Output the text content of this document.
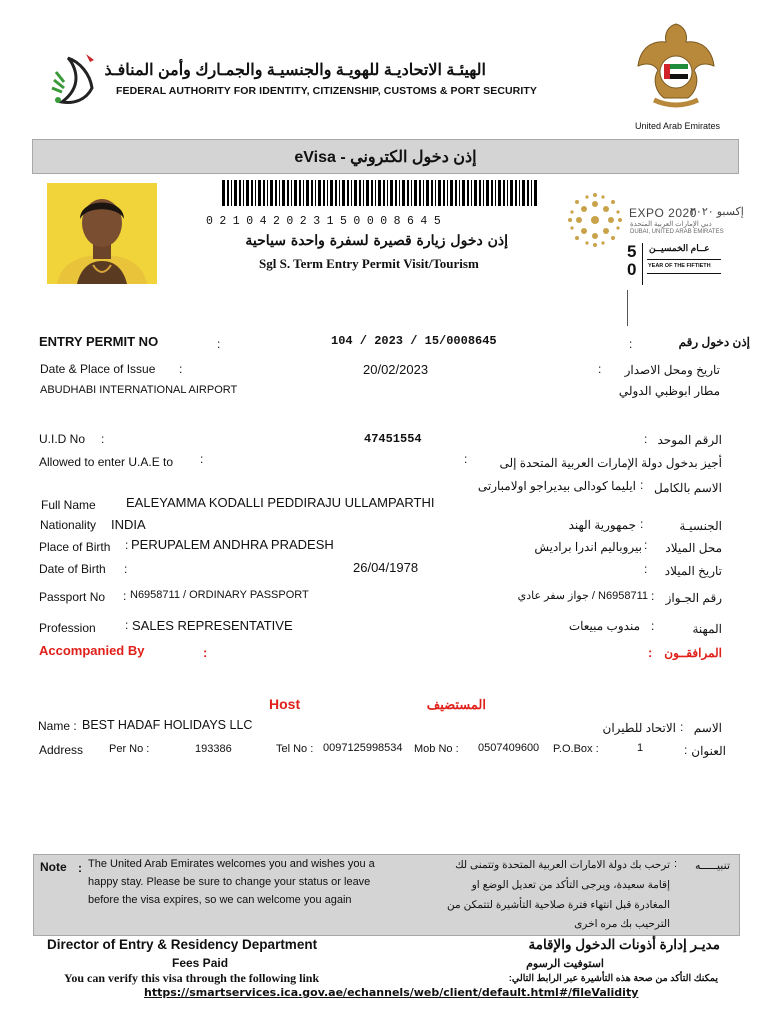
الهيئـة الاتحاديـة للهويـة والجنسيـة والجمـارك وأمن المنافـذ
FEDERAL AUTHORITY FOR IDENTITY, CITIZENSHIP, CUSTOMS & PORT SECURITY
United Arab Emirates
إذن دخول الكتروني - eVisa
021042023150008645
إذن دخول زيارة قصيرة لسفرة واحدة سياحية
Sgl S. Term Entry Permit Visit/Tourism
EXPO 2020
إكسبو ٢٠٢٠
دبي الإمارات العربية المتحدة
DUBAI, UNITED ARAB EMIRATES
50
عــام الخمسيــن
YEAR OF THE FIFTIETH
ENTRY PERMIT NO	:	104 / 2023 / 15/0008645	:	إذن دخول رقم
Date & Place of Issue :	20/02/2023	:	تاريخ ومحل الاصدار
ABUDHABI INTERNATIONAL AIRPORT	مطار ابوظبي الدولي
U.I.D No :	47451554	: الرقم الموحد
Allowed to enter U.A.E to :	:	أجيز بدخول دولة الإمارات العربية المتحدة إلى
Full Name EALEYAMMA KODALLI PEDDIRAJU ULLAMPARTHI
ايليما كودالى بيديراجو اولامبارتى : الاسم بالكامل
Nationality INDIA	جمهورية الهند :	الجنسيـة
Place of Birth : PERUPALEM ANDHRA PRADESH	بيروباليم اندرا برادیش :	محل الميلاد
Date of Birth :	26/04/1978	:	تاريخ الميلاد
Passport No : N6958711 / ORDINARY PASSPORT	N6958711 / جواز سفر عادي : رقم الجـواز
Profession : SALES REPRESENTATIVE	مندوب مبيعات :	المهنة
Accompanied By	:	: المرافقــون
Host	المستضيف
Name : BEST HADAF HOLIDAYS LLC	الاتحاد للطيران : الاسم
Address Per No :	193386	Tel No : 0097125998534 Mob No : 0507409600 P.O.Box :	1	: العنوان
Note : The United Arab Emirates welcomes you and wishes you a
happy stay. Please be sure to change your status or leave
before the visa expires, so we can welcome you again
تنبيـــــه
:
ترحب بك دولة الامارات العربية المتحدة وتتمنى لك
إقامة سعيدة، ويرجى التأكد من تعديل الوضع او
المغادرة قبل انتهاء فترة صلاحية التأشيرة لتتمكن من
الترحيب بك مره اخرى
Director of Entry & Residency Department	مديـر إدارة أذونات الدخول والإقامة
Fees Paid	استوفيت الرسوم
You can verify this visa through the following link	يمكنك التأكد من صحة هذه التأشيرة عبر الرابط التالي:
https://smartservices.ica.gov.ae/echannels/web/client/default.html#/fileValidity
